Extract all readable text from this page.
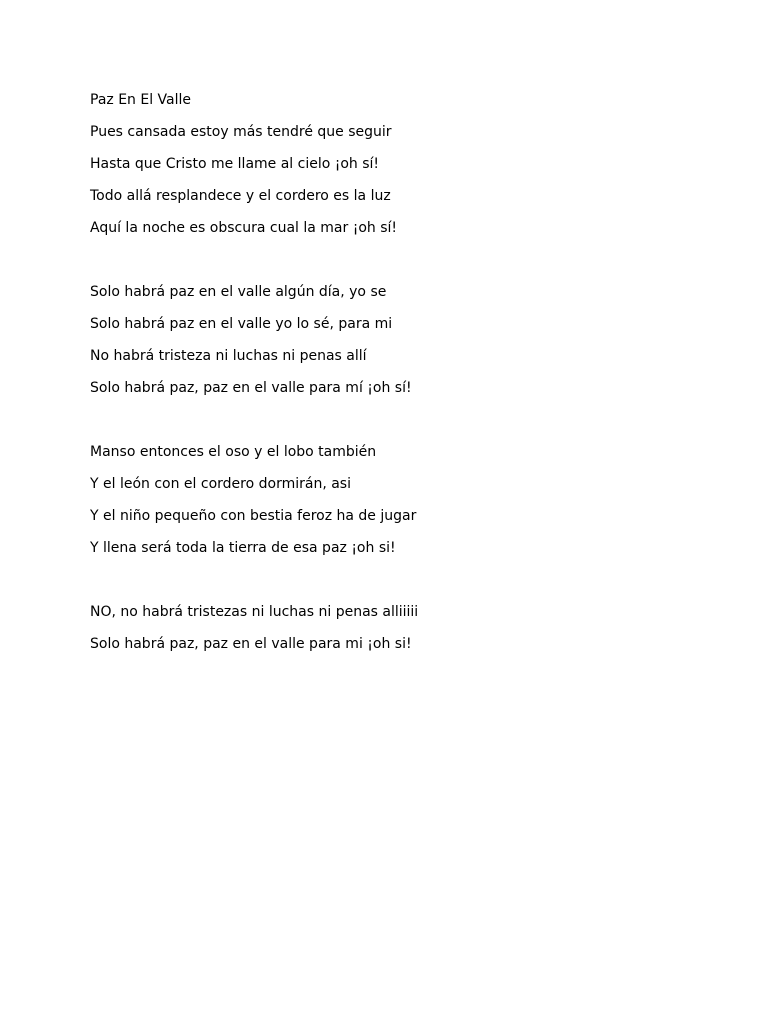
Paz En El Valle
Pues cansada estoy más tendré que seguir
Hasta que Cristo me llame al cielo ¡oh sí!
Todo allá resplandece y el cordero es la luz
Aquí la noche es obscura cual la mar ¡oh sí!
Solo habrá paz en el valle algún día, yo se
Solo habrá paz en el valle yo lo sé, para mi
No habrá tristeza ni luchas ni penas allí
Solo habrá paz, paz en el valle para mí ¡oh sí!
Manso entonces el oso y el lobo también
Y el león con el cordero dormirán, asi
Y el niño pequeño con bestia feroz ha de jugar
Y llena será toda la tierra de esa paz ¡oh si!
NO, no habrá tristezas ni luchas ni penas alliiiii
Solo habrá paz, paz en el valle para mi ¡oh si!
